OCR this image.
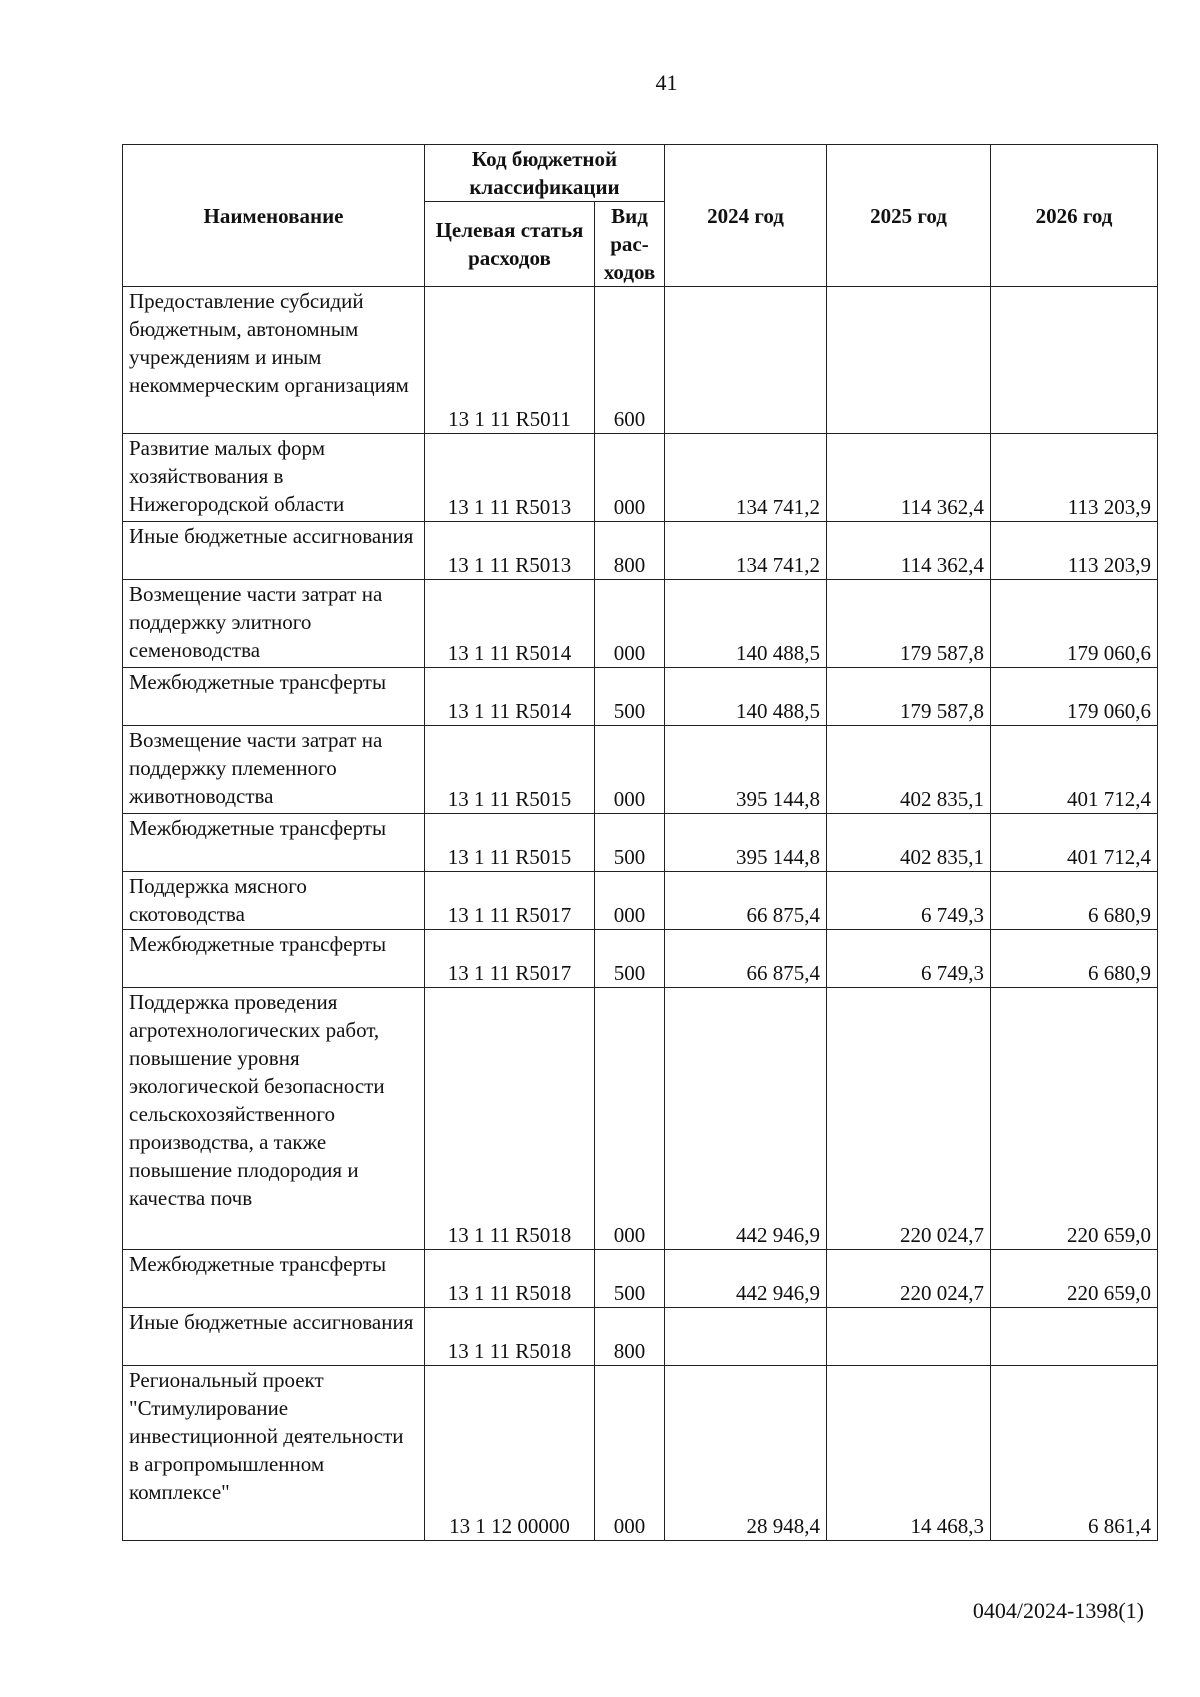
41
Наименование	Код бюджетной классификации		2024 год	2025 год	2026 год
	Целевая статья расходов	Вид рас-ходов			
Предоставление субсидий бюджетным, автономным учреждениям и иным некоммерческим организациям	13 1 11 R5011	600			
Развитие малых форм хозяйствования в Нижегородской области	13 1 11 R5013	000	134 741,2	114 362,4	113 203,9
Иные бюджетные ассигнования	13 1 11 R5013	800	134 741,2	114 362,4	113 203,9
Возмещение части затрат на поддержку элитного семеноводства	13 1 11 R5014	000	140 488,5	179 587,8	179 060,6
Межбюджетные трансферты	13 1 11 R5014	500	140 488,5	179 587,8	179 060,6
Возмещение части затрат на поддержку племенного животноводства	13 1 11 R5015	000	395 144,8	402 835,1	401 712,4
Межбюджетные трансферты	13 1 11 R5015	500	395 144,8	402 835,1	401 712,4
Поддержка мясного скотоводства	13 1 11 R5017	000	66 875,4	6 749,3	6 680,9
Межбюджетные трансферты	13 1 11 R5017	500	66 875,4	6 749,3	6 680,9
Поддержка проведения агротехнологических работ, повышение уровня экологической безопасности сельскохозяйственного производства, а также повышение плодородия и качества почв	13 1 11 R5018	000	442 946,9	220 024,7	220 659,0
Межбюджетные трансферты	13 1 11 R5018	500	442 946,9	220 024,7	220 659,0
Иные бюджетные ассигнования	13 1 11 R5018	800			
Региональный проект "Стимулирование инвестиционной деятельности в агропромышленном комплексе"	13 1 12 00000	000	28 948,4	14 468,3	6 861,4
0404/2024-1398(1)
